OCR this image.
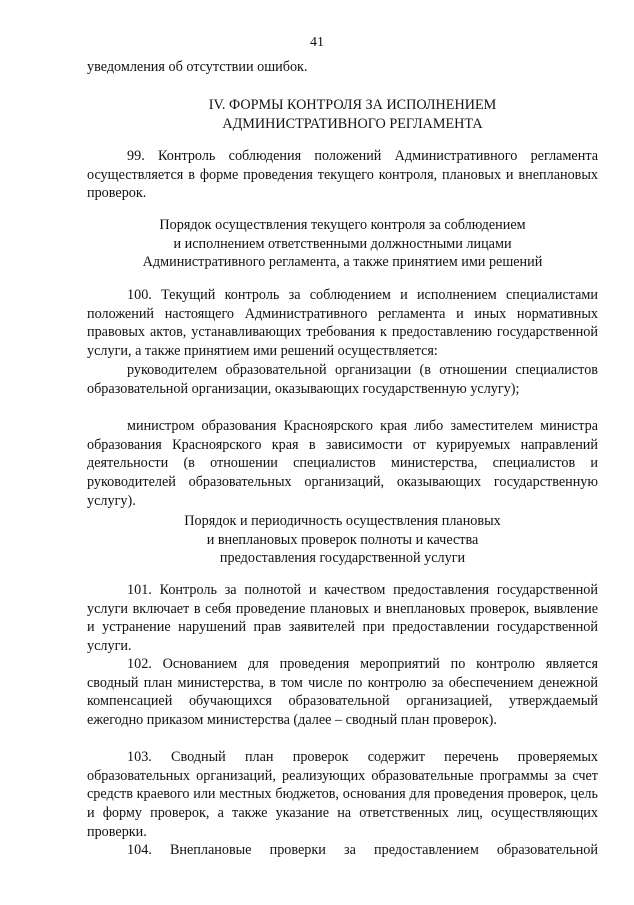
41

уведомления об отсутствии ошибок.

IV. ФОРМЫ КОНТРОЛЯ ЗА ИСПОЛНЕНИЕМ
АДМИНИСТРАТИВНОГО РЕГЛАМЕНТА

99. Контроль соблюдения положений Административного регламента осуществляется в форме проведения текущего контроля, плановых и внеплановых проверок.

Порядок осуществления текущего контроля за соблюдением
и исполнением ответственными должностными лицами
Административного регламента, а также принятием ими решений

100. Текущий контроль за соблюдением и исполнением специалистами положений настоящего Административного регламента и иных нормативных правовых актов, устанавливающих требования к предоставлению государственной услуги, а также принятием ими решений осуществляется:

руководителем образовательной организации (в отношении специалистов образовательной организации, оказывающих государственную услугу);

министром образования Красноярского края либо заместителем министра образования Красноярского края в зависимости от курируемых направлений деятельности (в отношении специалистов министерства, специалистов и руководителей образовательных организаций, оказывающих государственную услугу).

Порядок и периодичность осуществления плановых
и внеплановых проверок полноты и качества
предоставления государственной услуги

101. Контроль за полнотой и качеством предоставления государственной услуги включает в себя проведение плановых и внеплановых проверок, выявление и устранение нарушений прав заявителей при предоставлении государственной услуги.

102. Основанием для проведения мероприятий по контролю является сводный план министерства, в том числе по контролю за обеспечением денежной компенсацией обучающихся образовательной организацией, утверждаемый ежегодно приказом министерства (далее – сводный план проверок).

103. Сводный план проверок содержит перечень проверяемых образовательных организаций, реализующих образовательные программы за счет средств краевого или местных бюджетов, основания для проведения проверок, цель и форму проверок, а также указание на ответственных лиц, осуществляющих проверки.

104. Внеплановые проверки за предоставлением образовательной
